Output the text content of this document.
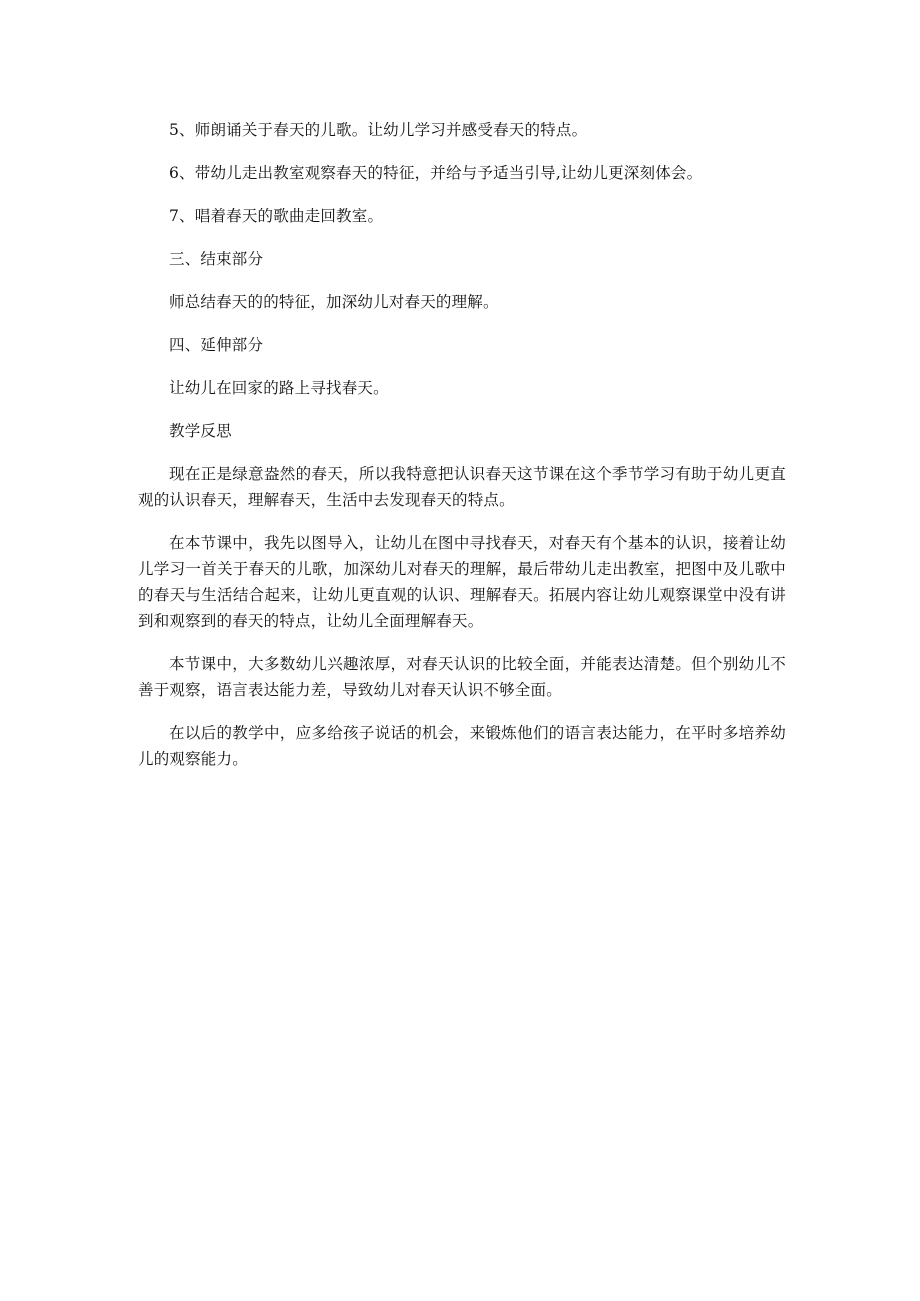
5、师朗诵关于春天的儿歌。让幼儿学习并感受春天的特点。

6、带幼儿走出教室观察春天的特征，并给与予适当引导,让幼儿更深刻体会。

7、唱着春天的歌曲走回教室。

三、结束部分

师总结春天的的特征，加深幼儿对春天的理解。

四、延伸部分

让幼儿在回家的路上寻找春天。

教学反思

现在正是绿意盎然的春天，所以我特意把认识春天这节课在这个季节学习有助于幼儿更直观的认识春天，理解春天，生活中去发现春天的特点。

在本节课中，我先以图导入，让幼儿在图中寻找春天，对春天有个基本的认识，接着让幼儿学习一首关于春天的儿歌，加深幼儿对春天的理解，最后带幼儿走出教室，把图中及儿歌中的春天与生活结合起来，让幼儿更直观的认识、理解春天。拓展内容让幼儿观察课堂中没有讲到和观察到的春天的特点，让幼儿全面理解春天。

本节课中，大多数幼儿兴趣浓厚，对春天认识的比较全面，并能表达清楚。但个别幼儿不善于观察，语言表达能力差，导致幼儿对春天认识不够全面。

在以后的教学中，应多给孩子说话的机会，来锻炼他们的语言表达能力，在平时多培养幼儿的观察能力。
